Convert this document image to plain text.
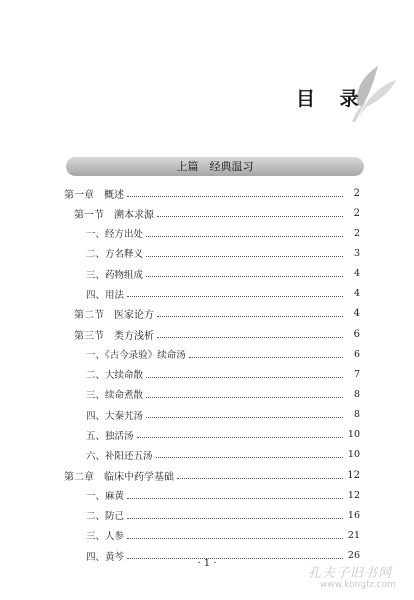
目 录
上篇　经典温习
第一章　概述	2
第一节　溯本求源	2
一、经方出处	2
二、方名释义	3
三、药物组成	4
四、用法	4
第二节　医家论方	4
第三节　类方浅析	6
一、《古今录验》续命汤	6
二、大续命散	7
三、续命煮散	8
四、大秦艽汤	8
五、独活汤	10
六、补阳还五汤	10
第二章　临床中药学基础	12
一、麻黄	12
二、防己	16
三、人参	21
四、黄芩	26
· 1 ·
孔夫子旧书网
www.kongfz.com
